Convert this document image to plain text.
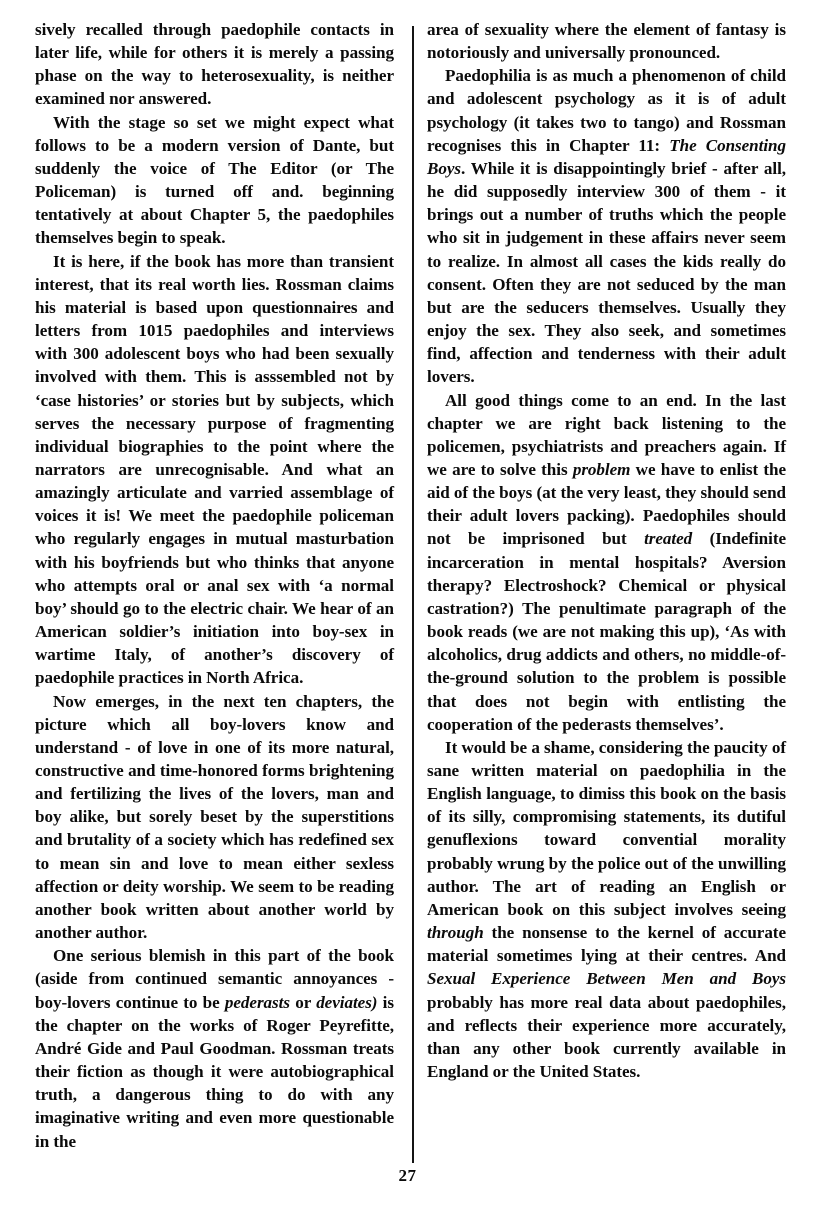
sively recalled through paedophile contacts in later life, while for others it is merely a passing phase on the way to heterosexuality, is neither examined nor answered.

With the stage so set we might expect what follows to be a modern version of Dante, but suddenly the voice of The Editor (or The Policeman) is turned off and. beginning tentatively at about Chapter 5, the paedophiles themselves begin to speak.

It is here, if the book has more than transient interest, that its real worth lies. Rossman claims his material is based upon questionnaires and letters from 1015 paedophiles and interviews with 300 adolescent boys who had been sexually involved with them. This is asssembled not by ‘case histories’ or stories but by subjects, which serves the necessary purpose of fragmenting individual biographies to the point where the narrators are unrecognisable. And what an amazingly articulate and varried assemblage of voices it is! We meet the paedophile policeman who regularly engages in mutual masturbation with his boyfriends but who thinks that anyone who attempts oral or anal sex with ‘a normal boy’ should go to the electric chair. We hear of an American soldier’s initiation into boy-sex in wartime Italy, of another’s discovery of paedophile practices in North Africa.

Now emerges, in the next ten chapters, the picture which all boy-lovers know and understand - of love in one of its more natural, constructive and time-honored forms brightening and fertilizing the lives of the lovers, man and boy alike, but sorely beset by the superstitions and brutality of a society which has redefined sex to mean sin and love to mean either sexless affection or deity worship. We seem to be reading another book written about another world by another author.

One serious blemish in this part of the book (aside from continued semantic annoyances - boy-lovers continue to be pederasts or deviates) is the chapter on the works of Roger Peyrefitte, André Gide and Paul Goodman. Rossman treats their fiction as though it were autobiographical truth, a dangerous thing to do with any imaginative writing and even more questionable in the

area of sexuality where the element of fantasy is notoriously and universally pronounced.

Paedophilia is as much a phenomenon of child and adolescent psychology as it is of adult psychology (it takes two to tango) and Rossman recognises this in Chapter 11: The Consenting Boys. While it is disappointingly brief - after all, he did supposedly interview 300 of them - it brings out a number of truths which the people who sit in judgement in these affairs never seem to realize. In almost all cases the kids really do consent. Often they are not seduced by the man but are the seducers themselves. Usually they enjoy the sex. They also seek, and sometimes find, affection and tenderness with their adult lovers.

All good things come to an end. In the last chapter we are right back listening to the policemen, psychiatrists and preachers again. If we are to solve this problem we have to enlist the aid of the boys (at the very least, they should send their adult lovers packing). Paedophiles should not be imprisoned but treated (Indefinite incarceration in mental hospitals? Aversion therapy? Electroshock? Chemical or physical castration?) The penultimate paragraph of the book reads (we are not making this up), ‘As with alcoholics, drug addicts and others, no middle-of-the-ground solution to the problem is possible that does not begin with entlisting the cooperation of the pederasts themselves’.

It would be a shame, considering the paucity of sane written material on paedophilia in the English language, to dimiss this book on the basis of its silly, compromising statements, its dutiful genuflexions toward convential morality probably wrung by the police out of the unwilling author. The art of reading an English or American book on this subject involves seeing through the nonsense to the kernel of accurate material sometimes lying at their centres. And Sexual Experience Between Men and Boys probably has more real data about paedophiles, and reflects their experience more accurately, than any other book currently available in England or the United States.

27
